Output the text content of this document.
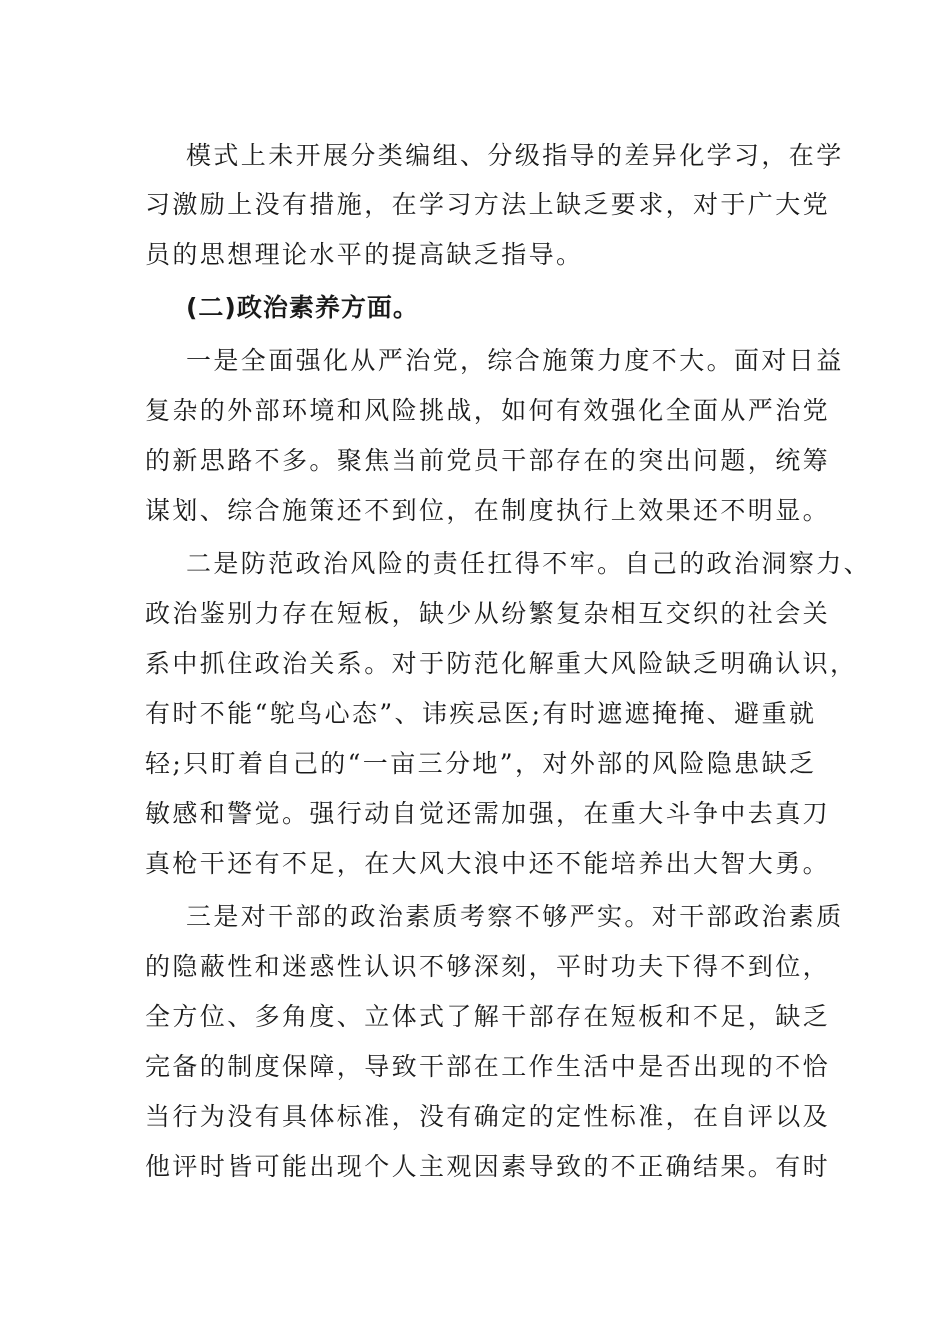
模式上未开展分类编组、分级指导的差异化学习，在学
习激励上没有措施，在学习方法上缺乏要求，对于广大党
员的思想理论水平的提高缺乏指导。
(二)政治素养方面。
一是全面强化从严治党，综合施策力度不大。面对日益
复杂的外部环境和风险挑战，如何有效强化全面从严治党
的新思路不多。聚焦当前党员干部存在的突出问题，统筹
谋划、综合施策还不到位，在制度执行上效果还不明显。
二是防范政治风险的责任扛得不牢。自己的政治洞察力、
政治鉴别力存在短板，缺少从纷繁复杂相互交织的社会关
系中抓住政治关系。对于防范化解重大风险缺乏明确认识，
有时不能“鸵鸟心态”、讳疾忌医;有时遮遮掩掩、避重就
轻;只盯着自己的“一亩三分地”，对外部的风险隐患缺乏
敏感和警觉。强行动自觉还需加强，在重大斗争中去真刀
真枪干还有不足，在大风大浪中还不能培养出大智大勇。
三是对干部的政治素质考察不够严实。对干部政治素质
的隐蔽性和迷惑性认识不够深刻，平时功夫下得不到位，
全方位、多角度、立体式了解干部存在短板和不足，缺乏
完备的制度保障，导致干部在工作生活中是否出现的不恰
当行为没有具体标准，没有确定的定性标准，在自评以及
他评时皆可能出现个人主观因素导致的不正确结果。有时
